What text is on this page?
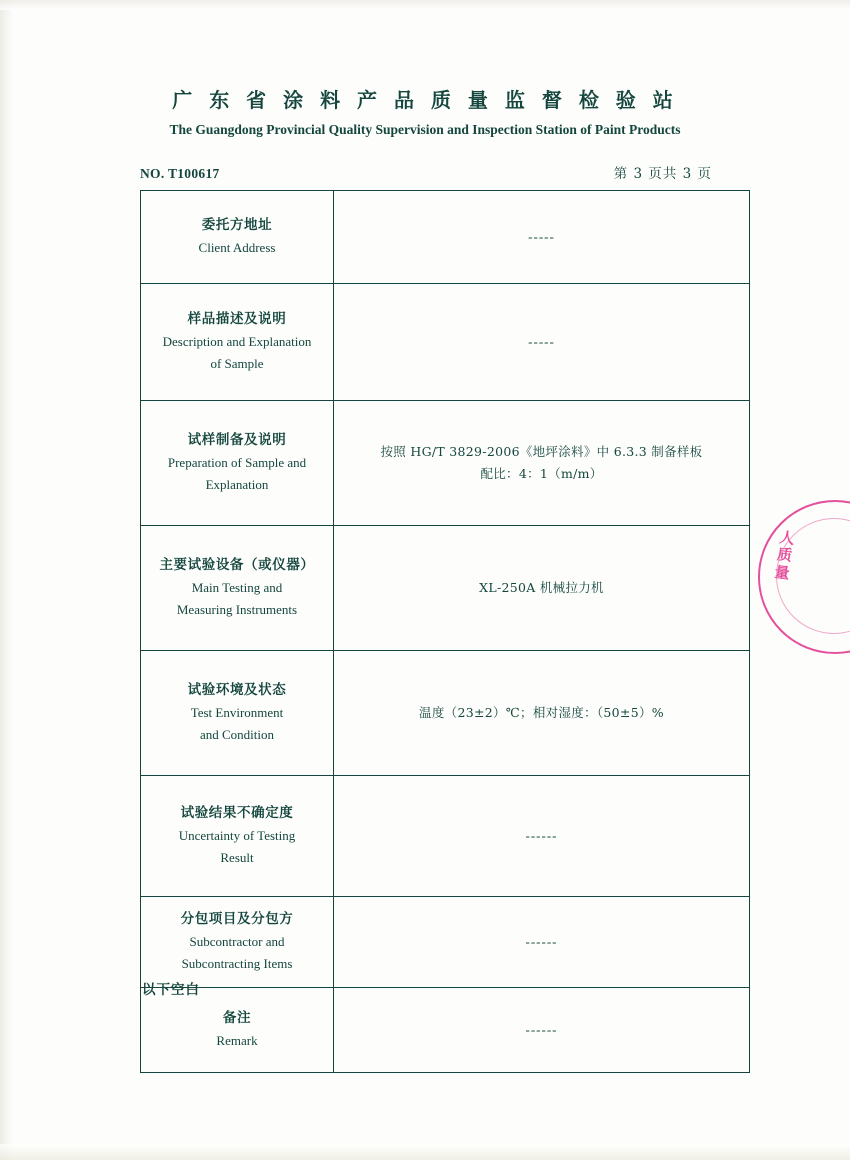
广 东 省 涂 料 产 品 质 量 监 督 检 验 站
The Guangdong Provincial Quality Supervision and Inspection Station of Paint Products
NO. T100617	第 3 页共 3 页
委托方地址
Client Address	-----

样品描述及说明
Description and Explanation
of Sample	-----

试样制备及说明
Preparation of Sample and
Explanation	按照 HG/T 3829-2006《地坪涂料》中 6.3.3 制备样板
配比：4：1（m/m）

主要试验设备（或仪器）
Main Testing and
Measuring Instruments	XL-250A 机械拉力机

试验环境及状态
Test Environment
and Condition	温度（23±2）℃；相对湿度：（50±5）%

试验结果不确定度
Uncertainty of Testing
Result	------

分包项目及分包方
Subcontractor and
Subcontracting Items	------

备注
Remark	------
以下空白
人质量
